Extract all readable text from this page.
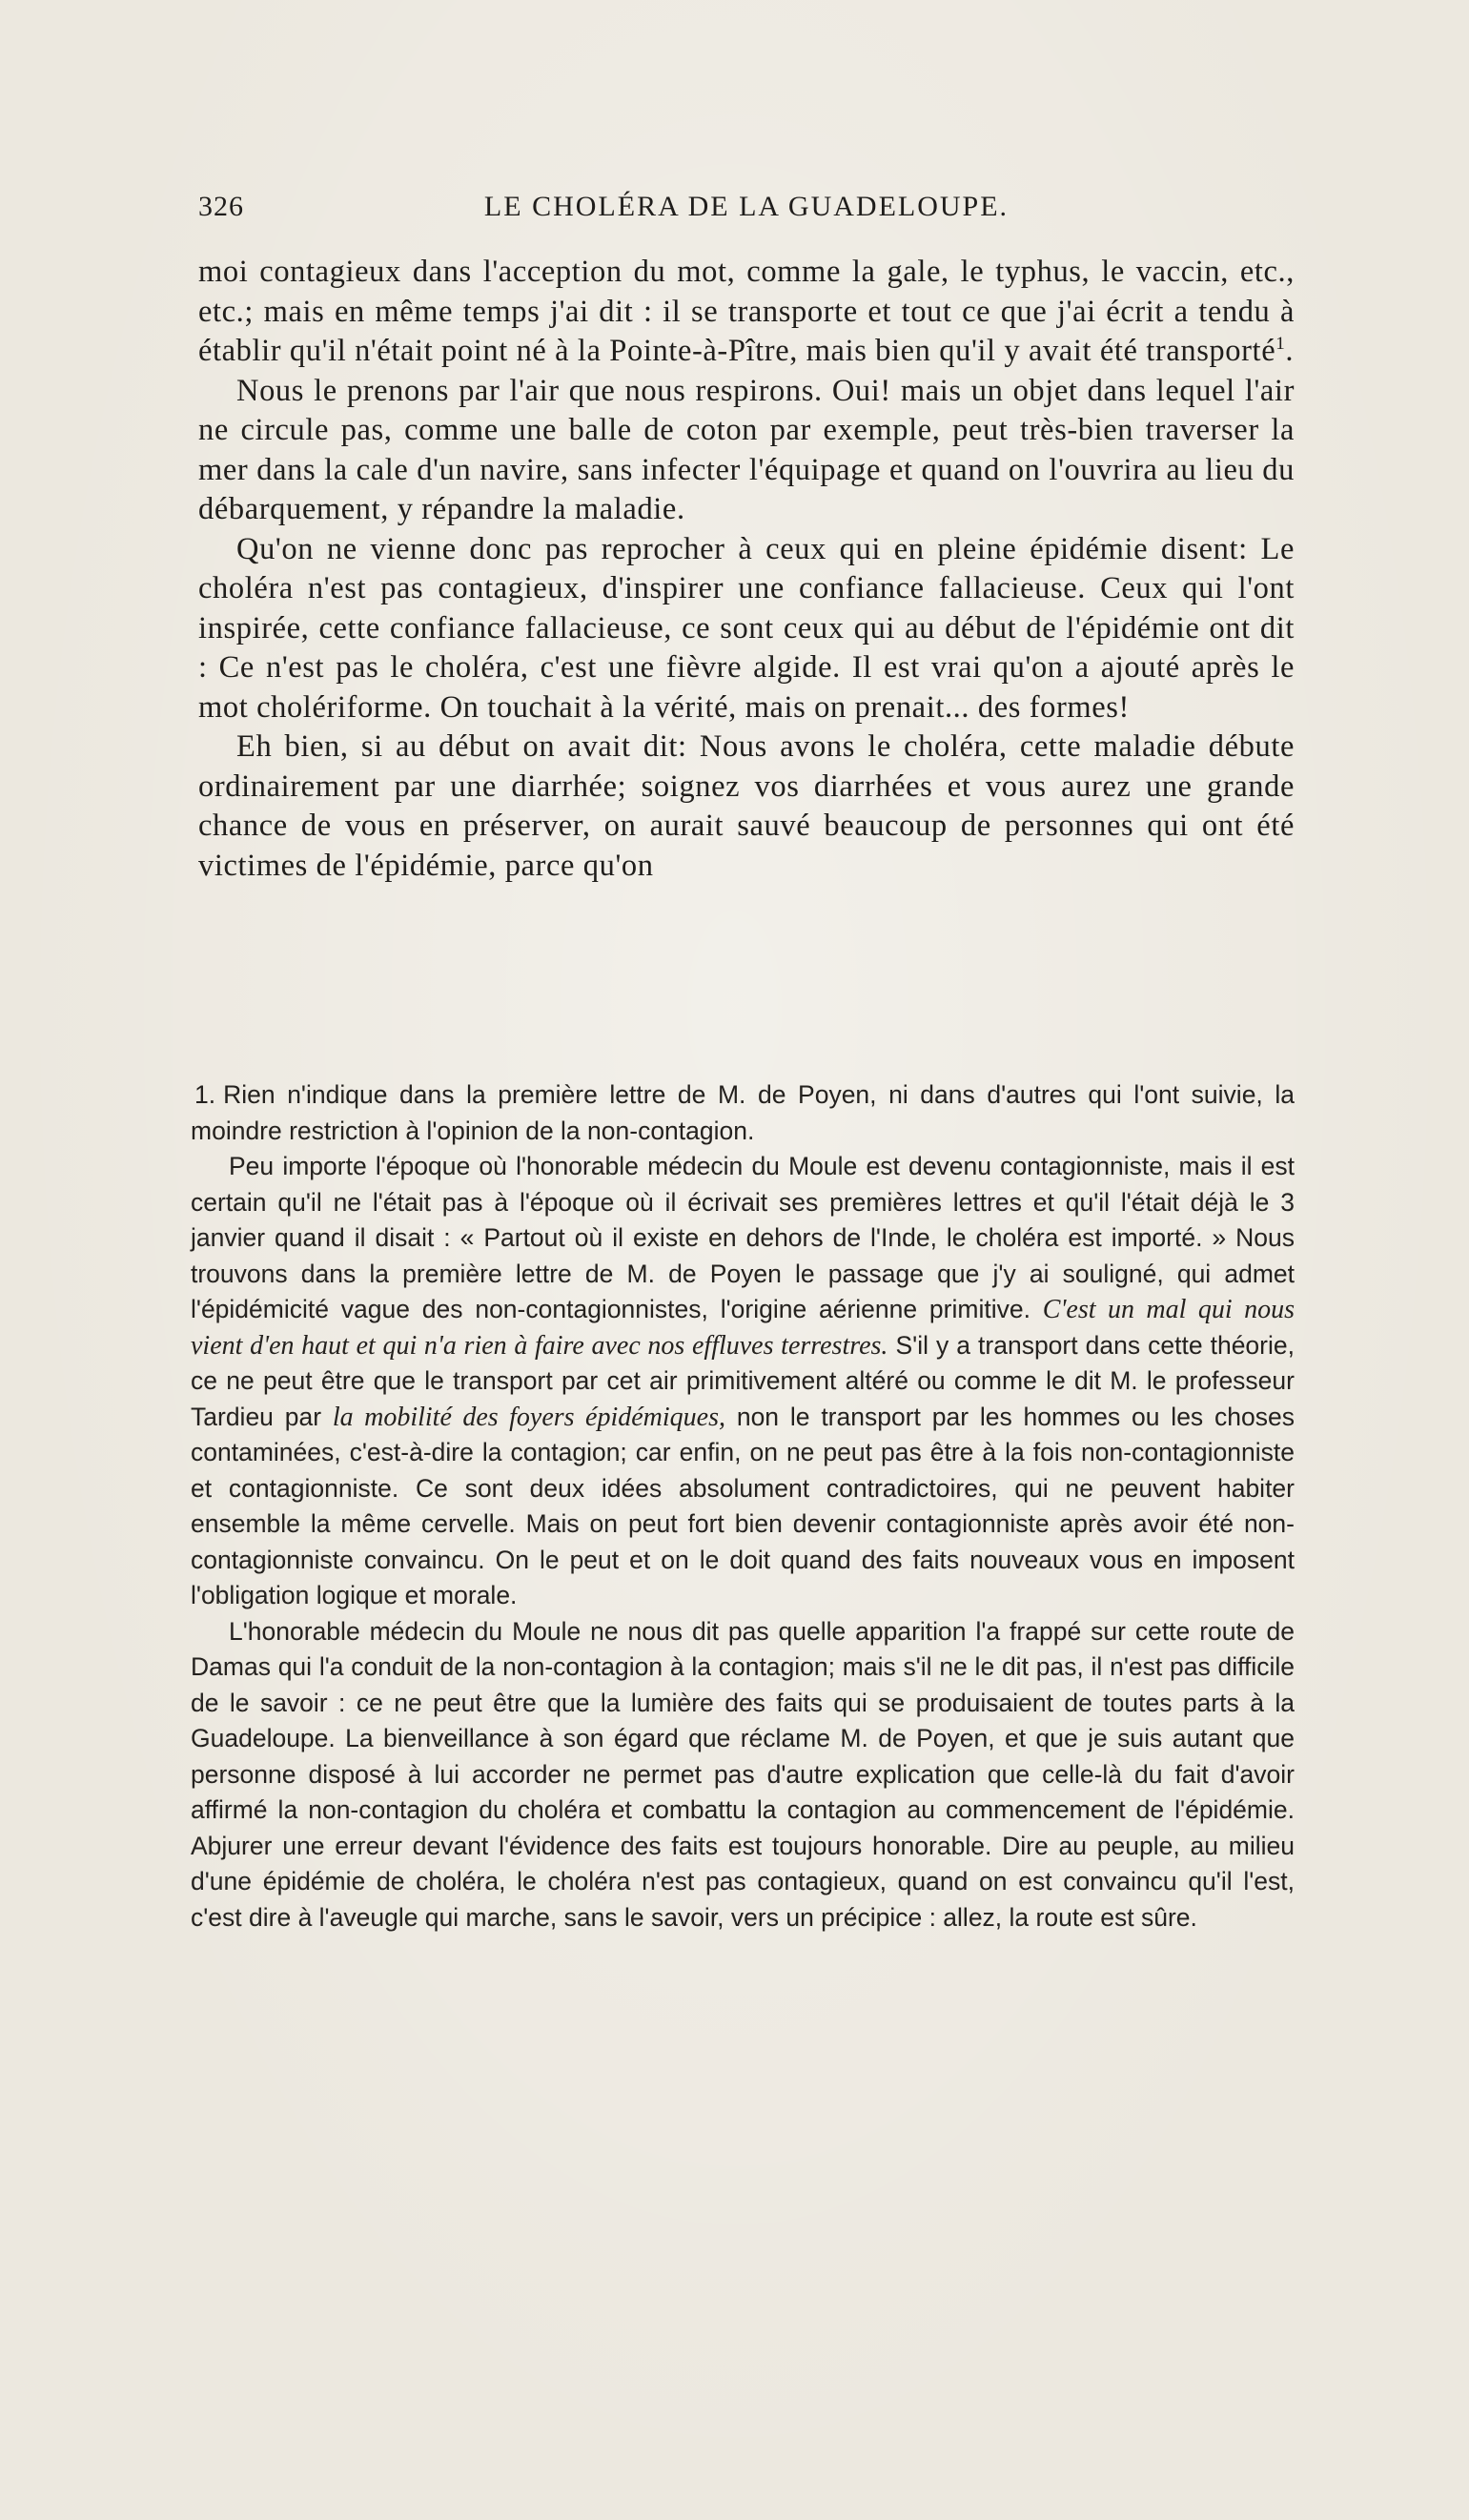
326	LE CHOLÉRA DE LA GUADELOUPE.

moi contagieux dans l'acception du mot, comme la gale, le typhus, le vaccin, etc., etc.; mais en même temps j'ai dit : il se transporte et tout ce que j'ai écrit a tendu à établir qu'il n'était point né à la Pointe-à-Pître, mais bien qu'il y avait été transporté$^1$.

Nous le prenons par l'air que nous respirons. Oui! mais un objet dans lequel l'air ne circule pas, comme une balle de coton par exemple, peut très-bien traverser la mer dans la cale d'un navire, sans infecter l'équipage et quand on l'ouvrira au lieu du débarquement, y répandre la maladie.

Qu'on ne vienne donc pas reprocher à ceux qui en pleine épidémie disent: Le choléra n'est pas contagieux, d'inspirer une confiance fallacieuse. Ceux qui l'ont inspirée, cette confiance fallacieuse, ce sont ceux qui au début de l'épidémie ont dit : Ce n'est pas le choléra, c'est une fièvre algide. Il est vrai qu'on a ajouté après le mot cholériforme. On touchait à la vérité, mais on prenait... des formes!

Eh bien, si au début on avait dit: Nous avons le choléra, cette maladie débute ordinairement par une diarrhée; soignez vos diarrhées et vous aurez une grande chance de vous en préserver, on aurait sauvé beaucoup de personnes qui ont été victimes de l'épidémie, parce qu'on

1. Rien n'indique dans la première lettre de M. de Poyen, ni dans d'autres qui l'ont suivie, la moindre restriction à l'opinion de la non-contagion.

Peu importe l'époque où l'honorable médecin du Moule est devenu contagionniste, mais il est certain qu'il ne l'était pas à l'époque où il écrivait ses premières lettres et qu'il l'était déjà le 3 janvier quand il disait : « Partout où il existe en dehors de l'Inde, le choléra est importé. » Nous trouvons dans la première lettre de M. de Poyen le passage que j'y ai souligné, qui admet l'épidémicité vague des non-contagionnistes, l'origine aérienne primitive. C'est un mal qui nous vient d'en haut et qui n'a rien à faire avec nos effluves terrestres. S'il y a transport dans cette théorie, ce ne peut être que le transport par cet air primitivement altéré ou comme le dit M. le professeur Tardieu par la mobilité des foyers épidémiques, non le transport par les hommes ou les choses contaminées, c'est-à-dire la contagion; car enfin, on ne peut pas être à la fois non-contagionniste et contagionniste. Ce sont deux idées absolument contradictoires, qui ne peuvent habiter ensemble la même cervelle. Mais on peut fort bien devenir contagionniste après avoir été non-contagionniste convaincu. On le peut et on le doit quand des faits nouveaux vous en imposent l'obligation logique et morale.

L'honorable médecin du Moule ne nous dit pas quelle apparition l'a frappé sur cette route de Damas qui l'a conduit de la non-contagion à la contagion; mais s'il ne le dit pas, il n'est pas difficile de le savoir : ce ne peut être que la lumière des faits qui se produisaient de toutes parts à la Guadeloupe. La bienveillance à son égard que réclame M. de Poyen, et que je suis autant que personne disposé à lui accorder ne permet pas d'autre explication que celle-là du fait d'avoir affirmé la non-contagion du choléra et combattu la contagion au commencement de l'épidémie. Abjurer une erreur devant l'évidence des faits est toujours honorable. Dire au peuple, au milieu d'une épidémie de choléra, le choléra n'est pas contagieux, quand on est convaincu qu'il l'est, c'est dire à l'aveugle qui marche, sans le savoir, vers un précipice : allez, la route est sûre.
